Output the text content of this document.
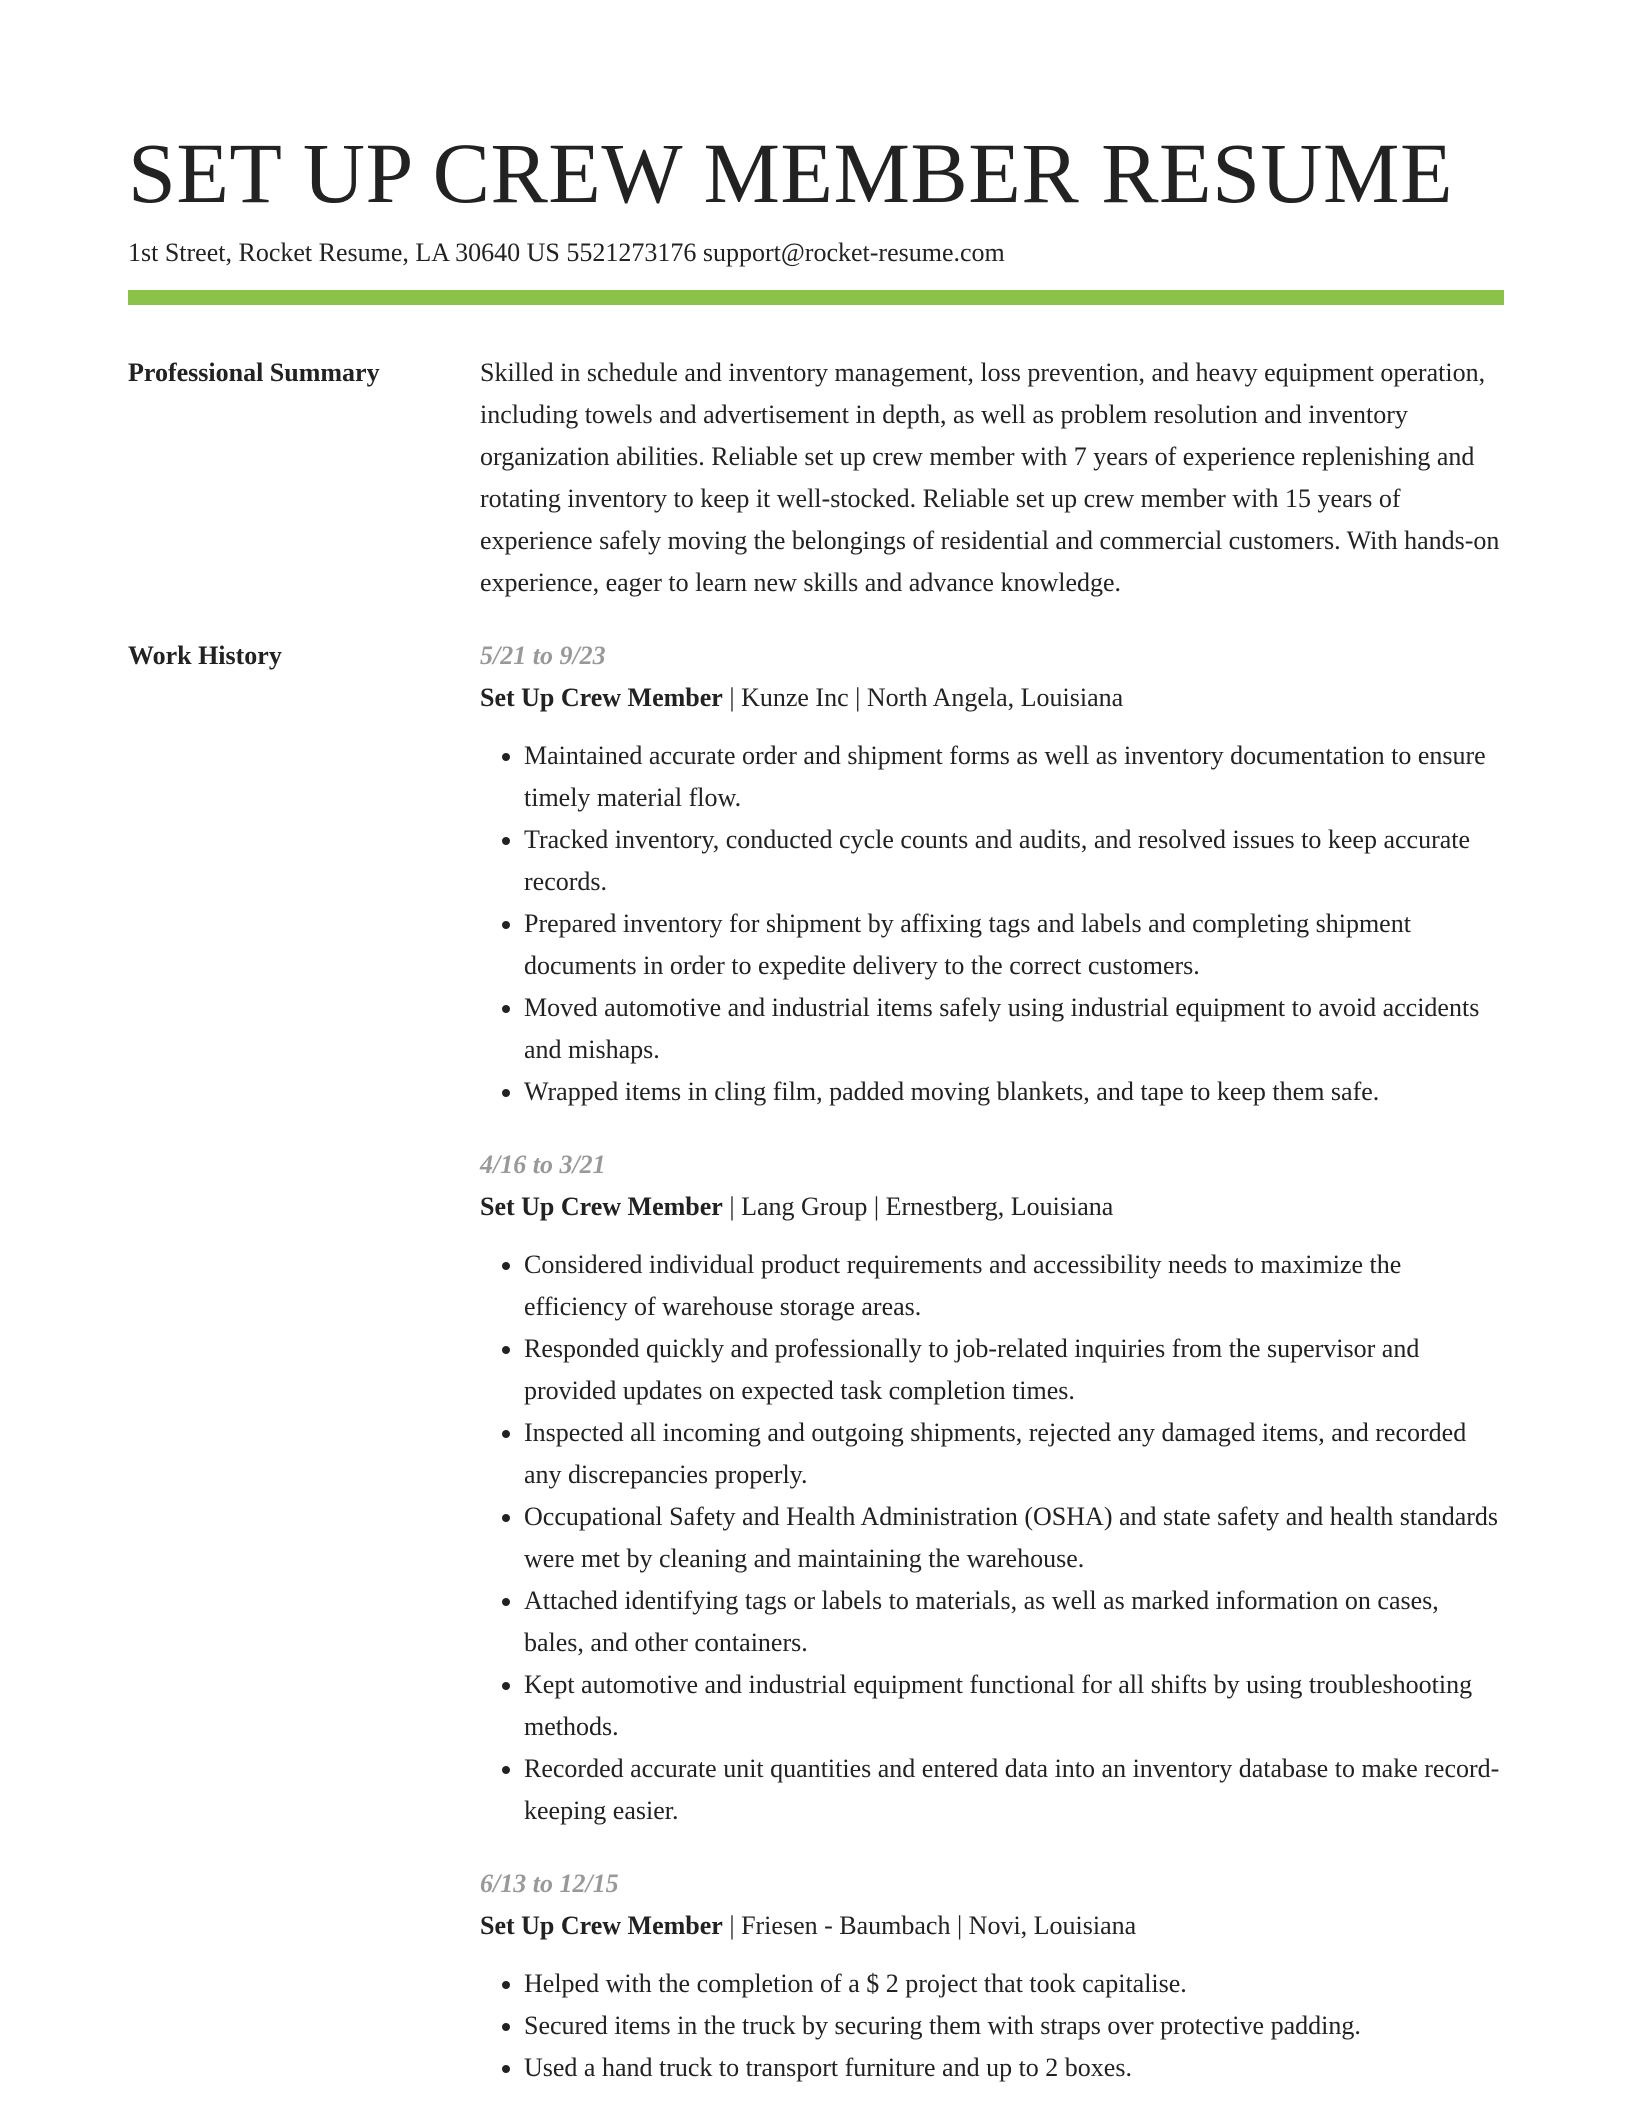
SET UP CREW MEMBER RESUME
1st Street, Rocket Resume, LA 30640 US 5521273176 support@rocket-resume.com
Professional Summary	Skilled in schedule and inventory management, loss prevention, and heavy equipment operation, including towels and advertisement in depth, as well as problem resolution and inventory organization abilities. Reliable set up crew member with 7 years of experience replenishing and rotating inventory to keep it well-stocked. Reliable set up crew member with 15 years of experience safely moving the belongings of residential and commercial customers. With hands-on experience, eager to learn new skills and advance knowledge.
Work History	5/21 to 9/23
Set Up Crew Member | Kunze Inc | North Angela, Louisiana
• Maintained accurate order and shipment forms as well as inventory documentation to ensure timely material flow.
• Tracked inventory, conducted cycle counts and audits, and resolved issues to keep accurate records.
• Prepared inventory for shipment by affixing tags and labels and completing shipment documents in order to expedite delivery to the correct customers.
• Moved automotive and industrial items safely using industrial equipment to avoid accidents and mishaps.
• Wrapped items in cling film, padded moving blankets, and tape to keep them safe.
4/16 to 3/21
Set Up Crew Member | Lang Group | Ernestberg, Louisiana
• Considered individual product requirements and accessibility needs to maximize the efficiency of warehouse storage areas.
• Responded quickly and professionally to job-related inquiries from the supervisor and provided updates on expected task completion times.
• Inspected all incoming and outgoing shipments, rejected any damaged items, and recorded any discrepancies properly.
• Occupational Safety and Health Administration (OSHA) and state safety and health standards were met by cleaning and maintaining the warehouse.
• Attached identifying tags or labels to materials, as well as marked information on cases, bales, and other containers.
• Kept automotive and industrial equipment functional for all shifts by using troubleshooting methods.
• Recorded accurate unit quantities and entered data into an inventory database to make record-keeping easier.
6/13 to 12/15
Set Up Crew Member | Friesen - Baumbach | Novi, Louisiana
• Helped with the completion of a $ 2 project that took capitalise.
• Secured items in the truck by securing them with straps over protective padding.
• Used a hand truck to transport furniture and up to 2 boxes.
